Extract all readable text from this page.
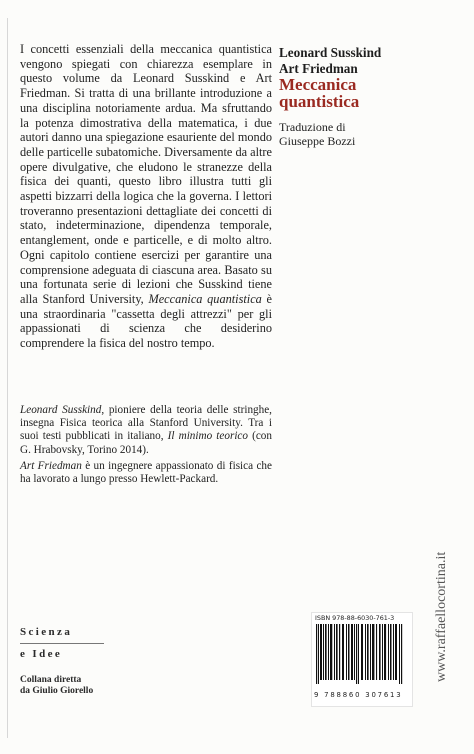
I concetti essenziali della meccanica quantistica vengono spiegati con chiarezza esemplare in questo volume da Leonard Susskind e Art Friedman. Si tratta di una brillante introduzione a una disciplina notoriamente ardua. Ma sfruttando la potenza dimostrativa della matematica, i due autori danno una spiegazione esauriente del mondo delle particelle subatomiche. Diversamente da altre opere divulgative, che eludono le stranezze della fisica dei quanti, questo libro illustra tutti gli aspetti bizzarri della logica che la governa. I lettori troveranno presentazioni dettagliate dei concetti di stato, indeterminazione, dipendenza temporale, entanglement, onde e particelle, e di molto altro. Ogni capitolo contiene esercizi per garantire una comprensione adeguata di ciascuna area. Basato su una fortunata serie di lezioni che Susskind tiene alla Stanford University, Meccanica quantistica è una straordinaria "cassetta degli attrezzi" per gli appassionati di scienza che desiderino comprendere la fisica del nostro tempo.

Leonard Susskind, pioniere della teoria delle stringhe, insegna Fisica teorica alla Stanford University. Tra i suoi testi pubblicati in italiano, Il minimo teorico (con G. Hrabovsky, Torino 2014).

Art Friedman è un ingegnere appassionato di fisica che ha lavorato a lungo presso Hewlett-Packard.

Leonard Susskind
Art Friedman
Meccanica
quantistica
Traduzione di
Giuseppe Bozzi
Scienza
e Idee
Collana diretta
da Giulio Giorello
ISBN 978-88-6030-761-3
9 788860 307613
www.raffaellocortina.it
